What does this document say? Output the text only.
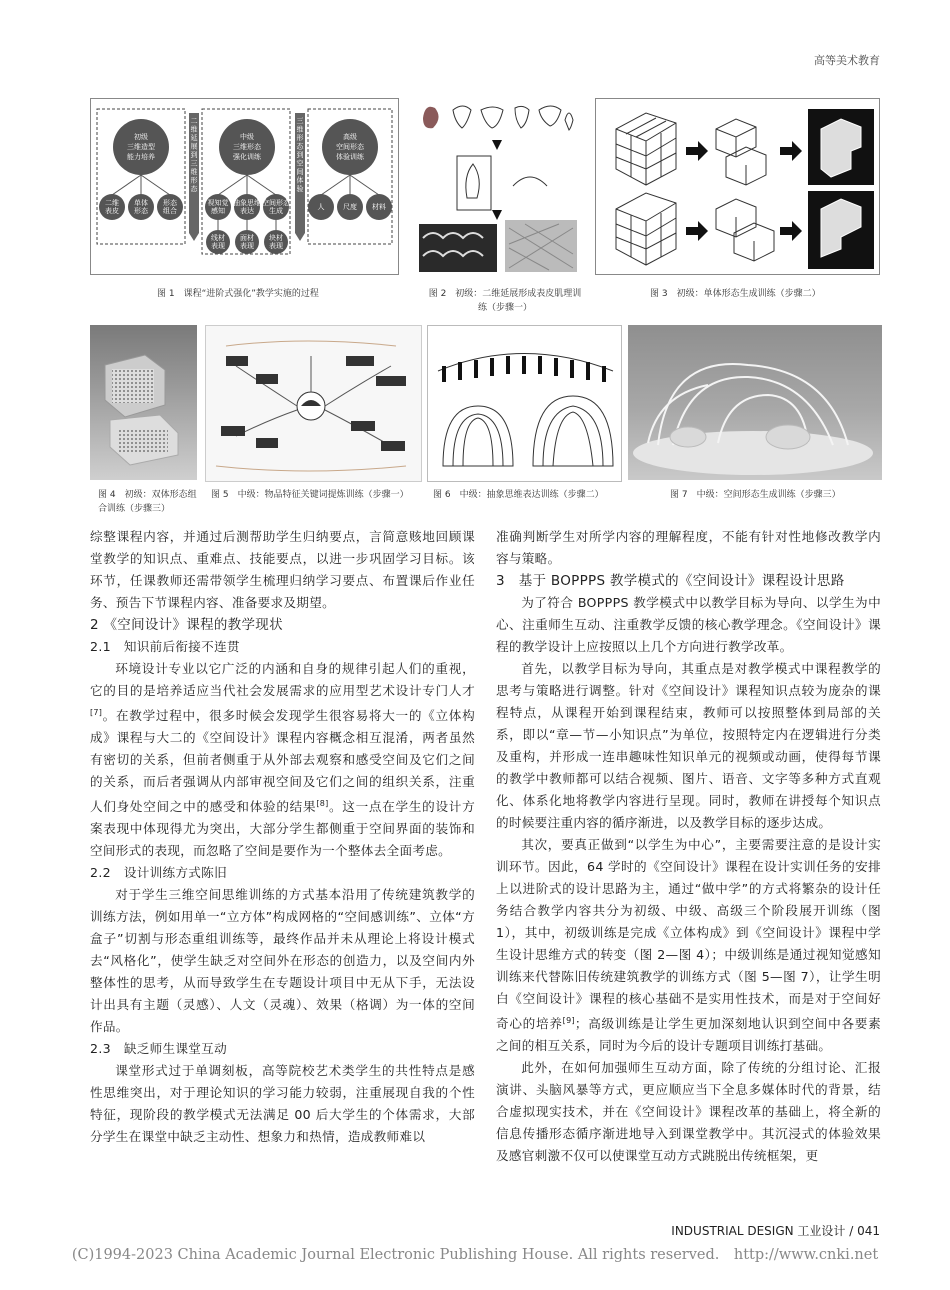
高等美术教育
初级三维造型能力培养
中级三维形态强化训练
高级空间形态体验训练
二维延展到三维形态
三维形态到空间体验
二维表皮
单体形态
形态组合
视知觉感知
抽象思维表达
空间形态生成
线材表现
面材表现
块材表现
人	尺度 材料
图 1　课程“进阶式强化”教学实施的过程	图 2　初级：二维延展形成表皮肌理训练（步骤一）
图 3　初级：单体形态生成训练（步骤二）
图 4　初级：双体形态组合训练（步骤三）
图 5　中级：物品特征关键词提炼训练（步骤一）	图 6　中级：抽象思维表达训练（步骤二）	图 7　中级：空间形态生成训练（步骤三）

综整课程内容，并通过后测帮助学生归纳要点，言简意赅地回顾课堂教学的知识点、重难点、技能要点，以进一步巩固学习目标。该环节，任课教师还需带领学生梳理归纳学习要点、布置课后作业任务、预告下节课程内容、准备要求及期望。

2 《空间设计》课程的教学现状

2.1　知识前后衔接不连贯

环境设计专业以它广泛的内涵和自身的规律引起人们的重视，它的目的是培养适应当代社会发展需求的应用型艺术设计专门人才[7]。在教学过程中，很多时候会发现学生很容易将大一的《立体构成》课程与大二的《空间设计》课程内容概念相互混淆，两者虽然有密切的关系，但前者侧重于从外部去观察和感受空间及它们之间的关系，而后者强调从内部审视空间及它们之间的组织关系，注重人们身处空间之中的感受和体验的结果[8]。这一点在学生的设计方案表现中体现得尤为突出，大部分学生都侧重于空间界面的装饰和空间形式的表现，而忽略了空间是要作为一个整体去全面考虑。

2.2　设计训练方式陈旧

对于学生三维空间思维训练的方式基本沿用了传统建筑教学的训练方法，例如用单一“立方体”构成网格的“空间感训练”、立体“方盒子”切割与形态重组训练等，最终作品并未从理论上将设计模式去“风格化”，使学生缺乏对空间外在形态的创造力，以及空间内外整体性的思考，从而导致学生在专题设计项目中无从下手，无法设计出具有主题（灵感）、人文（灵魂）、效果（格调）为一体的空间作品。

2.3　缺乏师生课堂互动

课堂形式过于单调刻板，高等院校艺术类学生的共性特点是感性思维突出，对于理论知识的学习能力较弱，注重展现自我的个性特征，现阶段的教学模式无法满足 00 后大学生的个体需求，大部分学生在课堂中缺乏主动性、想象力和热情，造成教师难以

准确判断学生对所学内容的理解程度，不能有针对性地修改教学内容与策略。

3　基于 BOPPPS 教学模式的《空间设计》课程设计思路

为了符合 BOPPPS 教学模式中以教学目标为导向、以学生为中心、注重师生互动、注重教学反馈的核心教学理念。《空间设计》课程的教学设计上应按照以上几个方向进行教学改革。

首先，以教学目标为导向，其重点是对教学模式中课程教学的思考与策略进行调整。针对《空间设计》课程知识点较为庞杂的课程特点，从课程开始到课程结束，教师可以按照整体到局部的关系，即以“章—节—小知识点”为单位，按照特定内在逻辑进行分类及重构，并形成一连串趣味性知识单元的视频或动画，使得每节课的教学中教师都可以结合视频、图片、语音、文字等多种方式直观化、体系化地将教学内容进行呈现。同时，教师在讲授每个知识点的时候要注重内容的循序渐进，以及教学目标的逐步达成。

其次，要真正做到“以学生为中心”，主要需要注意的是设计实训环节。因此，64 学时的《空间设计》课程在设计实训任务的安排上以进阶式的设计思路为主，通过“做中学”的方式将繁杂的设计任务结合教学内容共分为初级、中级、高级三个阶段展开训练（图 1），其中，初级训练是完成《立体构成》到《空间设计》课程中学生设计思维方式的转变（图 2—图 4）；中级训练是通过视知觉感知训练来代替陈旧传统建筑教学的训练方式（图 5—图 7），让学生明白《空间设计》课程的核心基础不是实用性技术，而是对于空间好奇心的培养[9]；高级训练是让学生更加深刻地认识到空间中各要素之间的相互关系，同时为今后的设计专题项目训练打基础。

此外，在如何加强师生互动方面，除了传统的分组讨论、汇报演讲、头脑风暴等方式，更应顺应当下全息多媒体时代的背景，结合虚拟现实技术，并在《空间设计》课程改革的基础上，将全新的信息传播形态循序渐进地导入到课堂教学中。其沉浸式的体验效果及感官刺激不仅可以使课堂互动方式跳脱出传统框架，更

INDUSTRIAL DESIGN 工业设计 / 041
(C)1994-2023 China Academic Journal Electronic Publishing House. All rights reserved.　http://www.cnki.net
